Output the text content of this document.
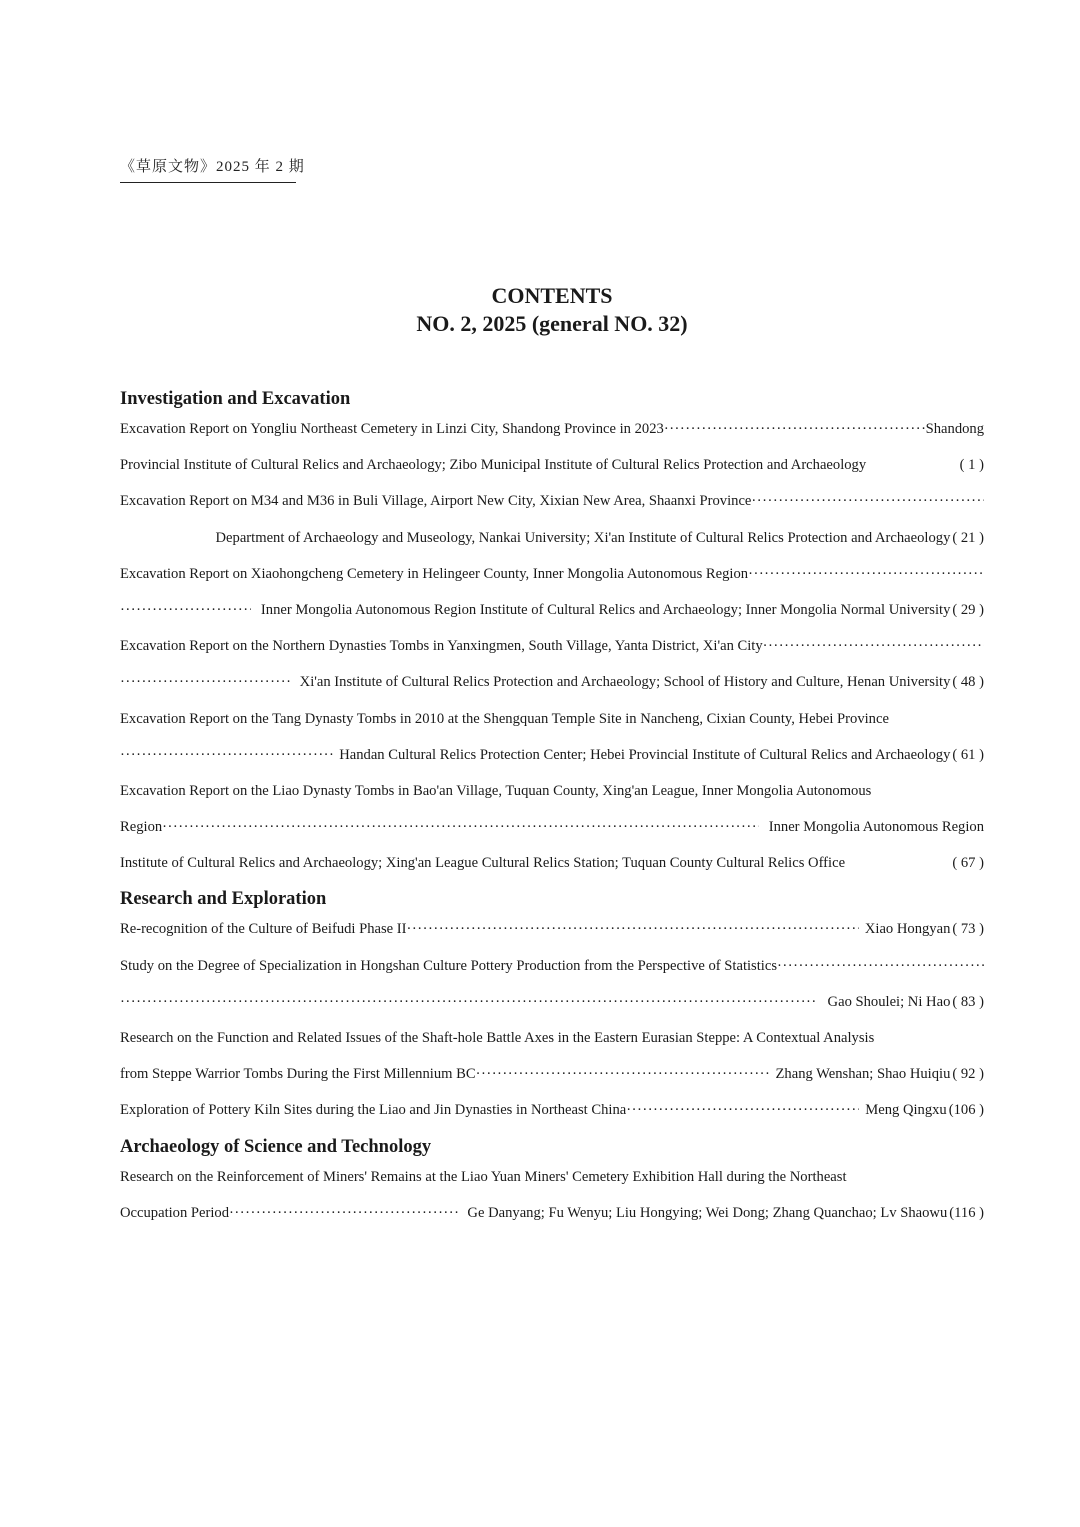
《草原文物》2025 年 2 期
CONTENTS
NO. 2, 2025 (general NO. 32)
Investigation and Excavation
Excavation Report on Yongliu Northeast Cemetery in Linzi City, Shandong Province in 2023 ·····	Shandong
Provincial Institute of Cultural Relics and Archaeology; Zibo Municipal Institute of Cultural Relics Protection and Archaeology	( 1 )
Excavation Report on M34 and M36 in Buli Village, Airport New City, Xixian New Area, Shaanxi Province
·····
Department of Archaeology and Museology, Nankai University; Xi'an Institute of Cultural Relics Protection and Archaeology ( 21 )
Excavation Report on Xiaohongcheng Cemetery in Helingeer County, Inner Mongolia Autonomous Region
·····
·····
Inner Mongolia Autonomous Region Institute of Cultural Relics and Archaeology; Inner Mongolia Normal University ( 29 )
Excavation Report on the Northern Dynasties Tombs in Yanxingmen, South Village, Yanta District, Xi'an City
·····
·····
Xi'an Institute of Cultural Relics Protection and Archaeology; School of History and Culture, Henan University ( 48 )
Excavation Report on the Tang Dynasty Tombs in 2010 at the Shengquan Temple Site in Nancheng, Cixian County, Hebei Province
·····
Handan Cultural Relics Protection Center; Hebei Provincial Institute of Cultural Relics and Archaeology ( 61 )
Excavation Report on the Liao Dynasty Tombs in Bao'an Village, Tuquan County, Xing'an League, Inner Mongolia Autonomous
Region ·····	Inner Mongolia Autonomous Region
Institute of Cultural Relics and Archaeology; Xing'an League Cultural Relics Station; Tuquan County Cultural Relics Office	( 67 )
Research and Exploration
Re-recognition of the Culture of Beifudi Phase II ·····	Xiao Hongyan ( 73 )
Study on the Degree of Specialization in Hongshan Culture Pottery Production from the Perspective of Statistics
·····
·····
Gao Shoulei; Ni Hao ( 83 )
Research on the Function and Related Issues of the Shaft-hole Battle Axes in the Eastern Eurasian Steppe: A Contextual Analysis
from Steppe Warrior Tombs During the First Millennium BC ·····	Zhang Wenshan; Shao Huiqiu ( 92 )
Exploration of Pottery Kiln Sites during the Liao and Jin Dynasties in Northeast China ·····	Meng Qingxu (106 )
Archaeology of Science and Technology
Research on the Reinforcement of Miners' Remains at the Liao Yuan Miners' Cemetery Exhibition Hall during the Northeast
Occupation Period ·····	Ge Danyang; Fu Wenyu; Liu Hongying; Wei Dong; Zhang Quanchao; Lv Shaowu (116 )
